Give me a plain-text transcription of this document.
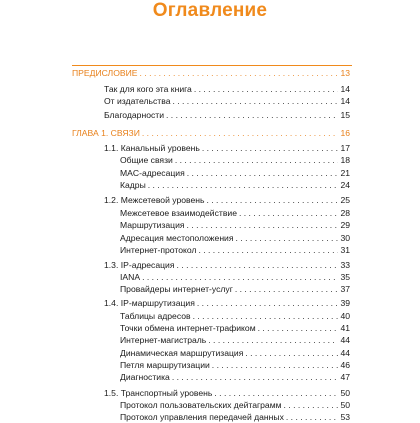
Оглавление
ПРЕДИСЛОВИЕ . . .	13
Так для кого эта книга . . .	14
От издательства . . .	14
Благодарности . . .	15
ГЛАВА 1. СВЯЗИ . . .	16
1.1. Канальный уровень . . .	17
Общие связи . . .	18
MAC-адресация . . .	21
Кадры . . .	24
1.2. Межсетевой уровень . . .	25
Межсетевое взаимодействие . . .	28
Маршрутизация . . .	29
Адресация местоположения . . .	30
Интернет-протокол . . .	31
1.3. IP-адресация . . .	33
IANA . . .	35
Провайдеры интернет-услуг . . .	37
1.4. IP-маршрутизация . . .	39
Таблицы адресов . . .	40
Точки обмена интернет-трафиком . . .	41
Интернет-магистраль . . .	44
Динамическая маршрутизация . . .	44
Петля маршрутизации . . .	46
Диагностика . . .	47
1.5. Транспортный уровень . . .	50
Протокол пользовательских дейтаграмм . . .	50
Протокол управления передачей данных . . .	53
